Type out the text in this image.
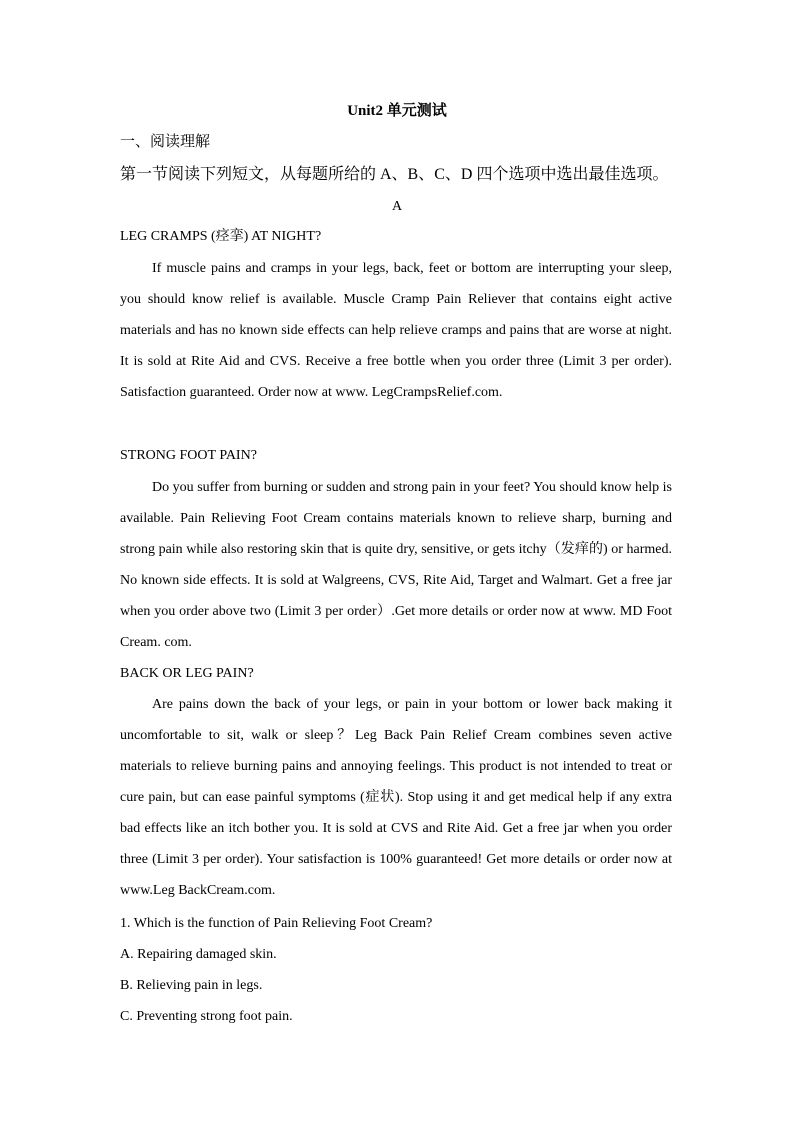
Unit2 单元测试
一、阅读理解
第一节阅读下列短文，从每题所给的 A、B、C、D 四个选项中选出最佳选项。
A
LEG CRAMPS (痉挛) AT NIGHT?
If muscle pains and cramps in your legs, back, feet or bottom are interrupting your sleep, you should know relief is available. Muscle Cramp Pain Reliever that contains eight active materials and has no known side effects can help relieve cramps and pains that are worse at night. It is sold at Rite Aid and CVS. Receive a free bottle when you order three (Limit 3 per order). Satisfaction guaranteed. Order now at www. LegCrampsRelief.com.
STRONG FOOT PAIN?
Do you suffer from burning or sudden and strong pain in your feet? You should know help is available. Pain Relieving Foot Cream contains materials known to relieve sharp, burning and strong pain while also restoring skin that is quite dry, sensitive, or gets itchy（发痒的) or harmed. No known side effects. It is sold at Walgreens, CVS, Rite Aid, Target and Walmart. Get a free jar when you order above two (Limit 3 per order）.Get more details or order now at www. MD Foot Cream. com.
BACK OR LEG PAIN?
Are pains down the back of your legs, or pain in your bottom or lower back making it uncomfortable to sit, walk or sleep？Leg Back Pain Relief Cream combines seven active materials to relieve burning pains and annoying feelings. This product is not intended to treat or cure pain, but can ease painful symptoms (症状). Stop using it and get medical help if any extra bad effects like an itch bother you. It is sold at CVS and Rite Aid. Get a free jar when you order three (Limit 3 per order). Your satisfaction is 100% guaranteed! Get more details or order now at www.Leg BackCream.com.
1. Which is the function of Pain Relieving Foot Cream?
A. Repairing damaged skin.
B. Relieving pain in legs.
C. Preventing strong foot pain.
